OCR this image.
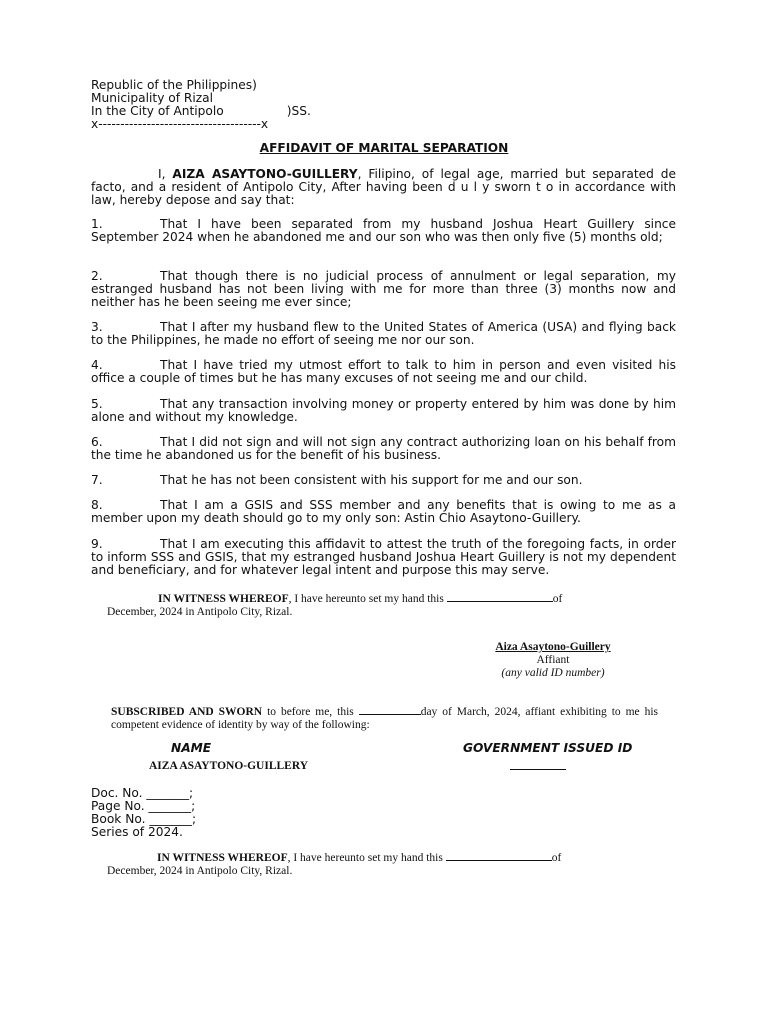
Republic of the Philippines)
Municipality of Rizal
In the City of Antipolo	)SS.
x-------------------------------------x
AFFIDAVIT OF MARITAL SEPARATION
I, AIZA ASAYTONO-GUILLERY, Filipino, of legal age, married but separated de facto, and a resident of Antipolo City, After having been d u l y sworn t o in accordance with law, hereby depose and say that:
1.	That I have been separated from my husband Joshua Heart Guillery since September 2024 when he abandoned me and our son who was then only five (5) months old;
2.	That though there is no judicial process of annulment or legal separation, my estranged husband has not been living with me for more than three (3) months now and neither has he been seeing me ever since;
3.	That I after my husband flew to the United States of America (USA) and flying back to the Philippines, he made no effort of seeing me nor our son.
4.	That I have tried my utmost effort to talk to him in person and even visited his office a couple of times but he has many excuses of not seeing me and our child.
5.	That any transaction involving money or property entered by him was done by him alone and without my knowledge.
6.	That I did not sign and will not sign any contract authorizing loan on his behalf from the time he abandoned us for the benefit of his business.
7.	That he has not been consistent with his support for me and our son.
8.	That I am a GSIS and SSS member and any benefits that is owing to me as a member upon my death should go to my only son: Astin Chio Asaytono-Guillery.
9.	That I am executing this affidavit to attest the truth of the foregoing facts, in order to inform SSS and GSIS, that my estranged husband Joshua Heart Guillery is not my dependent and beneficiary, and for whatever legal intent and purpose this may serve.
IN WITNESS WHEREOF, I have hereunto set my hand this	of
December, 2024 in Antipolo City, Rizal.
Aiza Asaytono-Guillery
Affiant
(any valid ID number)
SUBSCRIBED AND SWORN to before me, this	day of March, 2024, affiant exhibiting to me his competent evidence of identity by way of the following:
NAME	GOVERNMENT ISSUED ID
AIZA ASAYTONO-GUILLERY
Doc. No. _______;
Page No. _______;
Book No. _______;
Series of 2024.
IN WITNESS WHEREOF, I have hereunto set my hand this	of
December, 2024 in Antipolo City, Rizal.
